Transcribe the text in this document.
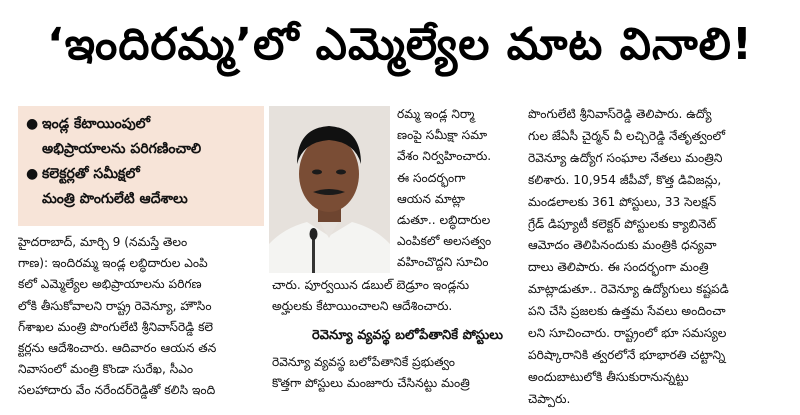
‘ఇందిరమ్మ’లో ఎమ్మెల్యేల మాట వినాలి!
● ఇండ్ల కేటాయింపులో
అభిప్రాయాలను పరిగణించాలి
● కలెక్టర్లతో సమీక్షలో
మంత్రి పొంగులేటి ఆదేశాలు
హైదరాబాద్, మార్చి 9 (నమస్తే తెలం
గాణ): ఇందిరమ్మ ఇండ్ల లబ్ధిదారుల ఎంపి
కలో ఎమ్మెల్యేల అభిప్రాయాలను పరిగణ
లోకి తీసుకోవాలని రాష్ట్ర రెవెన్యూ, హౌసిం
గ్‌శాఖల మంత్రి పొంగులేటి శ్రీనివాస్‌రెడ్డి కలె
క్టర్లను ఆదేశించారు. ఆదివారం ఆయన తన
నివాసంలో మంత్రి కొండా సురేఖ, సీఎం
సలహాదారు వేం నరేందర్‌రెడ్డితో కలిసి ఇంది
రమ్మ ఇండ్ల నిర్మా
ణంపై సమీక్షా సమా
వేశం నిర్వహించారు.
ఈ సందర్భంగా
ఆయన మాట్లా
డుతూ.. లబ్ధిదారుల
ఎంపికలో అలసత్వం
వహించొద్దని సూచిం
చారు. పూర్వయిన డబుల్ బెడ్రూం ఇండ్లను
అర్హులకు కేటాయించాలని ఆదేశించారు.
రెవెన్యూ వ్యవస్థ బలోపేతానికే పోస్టులు
రెవెన్యూ వ్యవస్థ బలోపేతానికే ప్రభుత్వం
కొత్తగా పోస్టులు మంజూరు చేసినట్టు మంత్రి
పొంగులేటి శ్రీనివాస్‌రెడ్డి తెలిపారు. ఉద్యో
గుల జేఏసీ చైర్మన్ వీ లచ్చిరెడ్డి నేతృత్వంలో
రెవెన్యూ ఉద్యోగ సంఘాల నేతలు మంత్రిని
కలిశారు. 10,954 జీపీవో, కొత్త డివిజన్లు,
మండలాలకు 361 పోస్టులు, 33 సెలక్షన్
గ్రేడ్ డిప్యూటీ కలెక్టర్ పోస్టులకు క్యాబినెట్
ఆమోదం తెలిపినందుకు మంత్రికి ధన్యవా
దాలు తెలిపారు. ఈ సందర్భంగా మంత్రి
మాట్లాడుతూ.. రెవెన్యూ ఉద్యోగులు కష్టపడి
పని చేసి ప్రజలకు ఉత్తమ సేవలు అందించా
లని సూచించారు. రాష్ట్రంలో భూ సమస్యల
పరిష్కారానికి త్వరలోనే భూభారతి చట్టాన్ని
అందుబాటులోకి తీసుకురానున్నట్టు
చెప్పారు.
